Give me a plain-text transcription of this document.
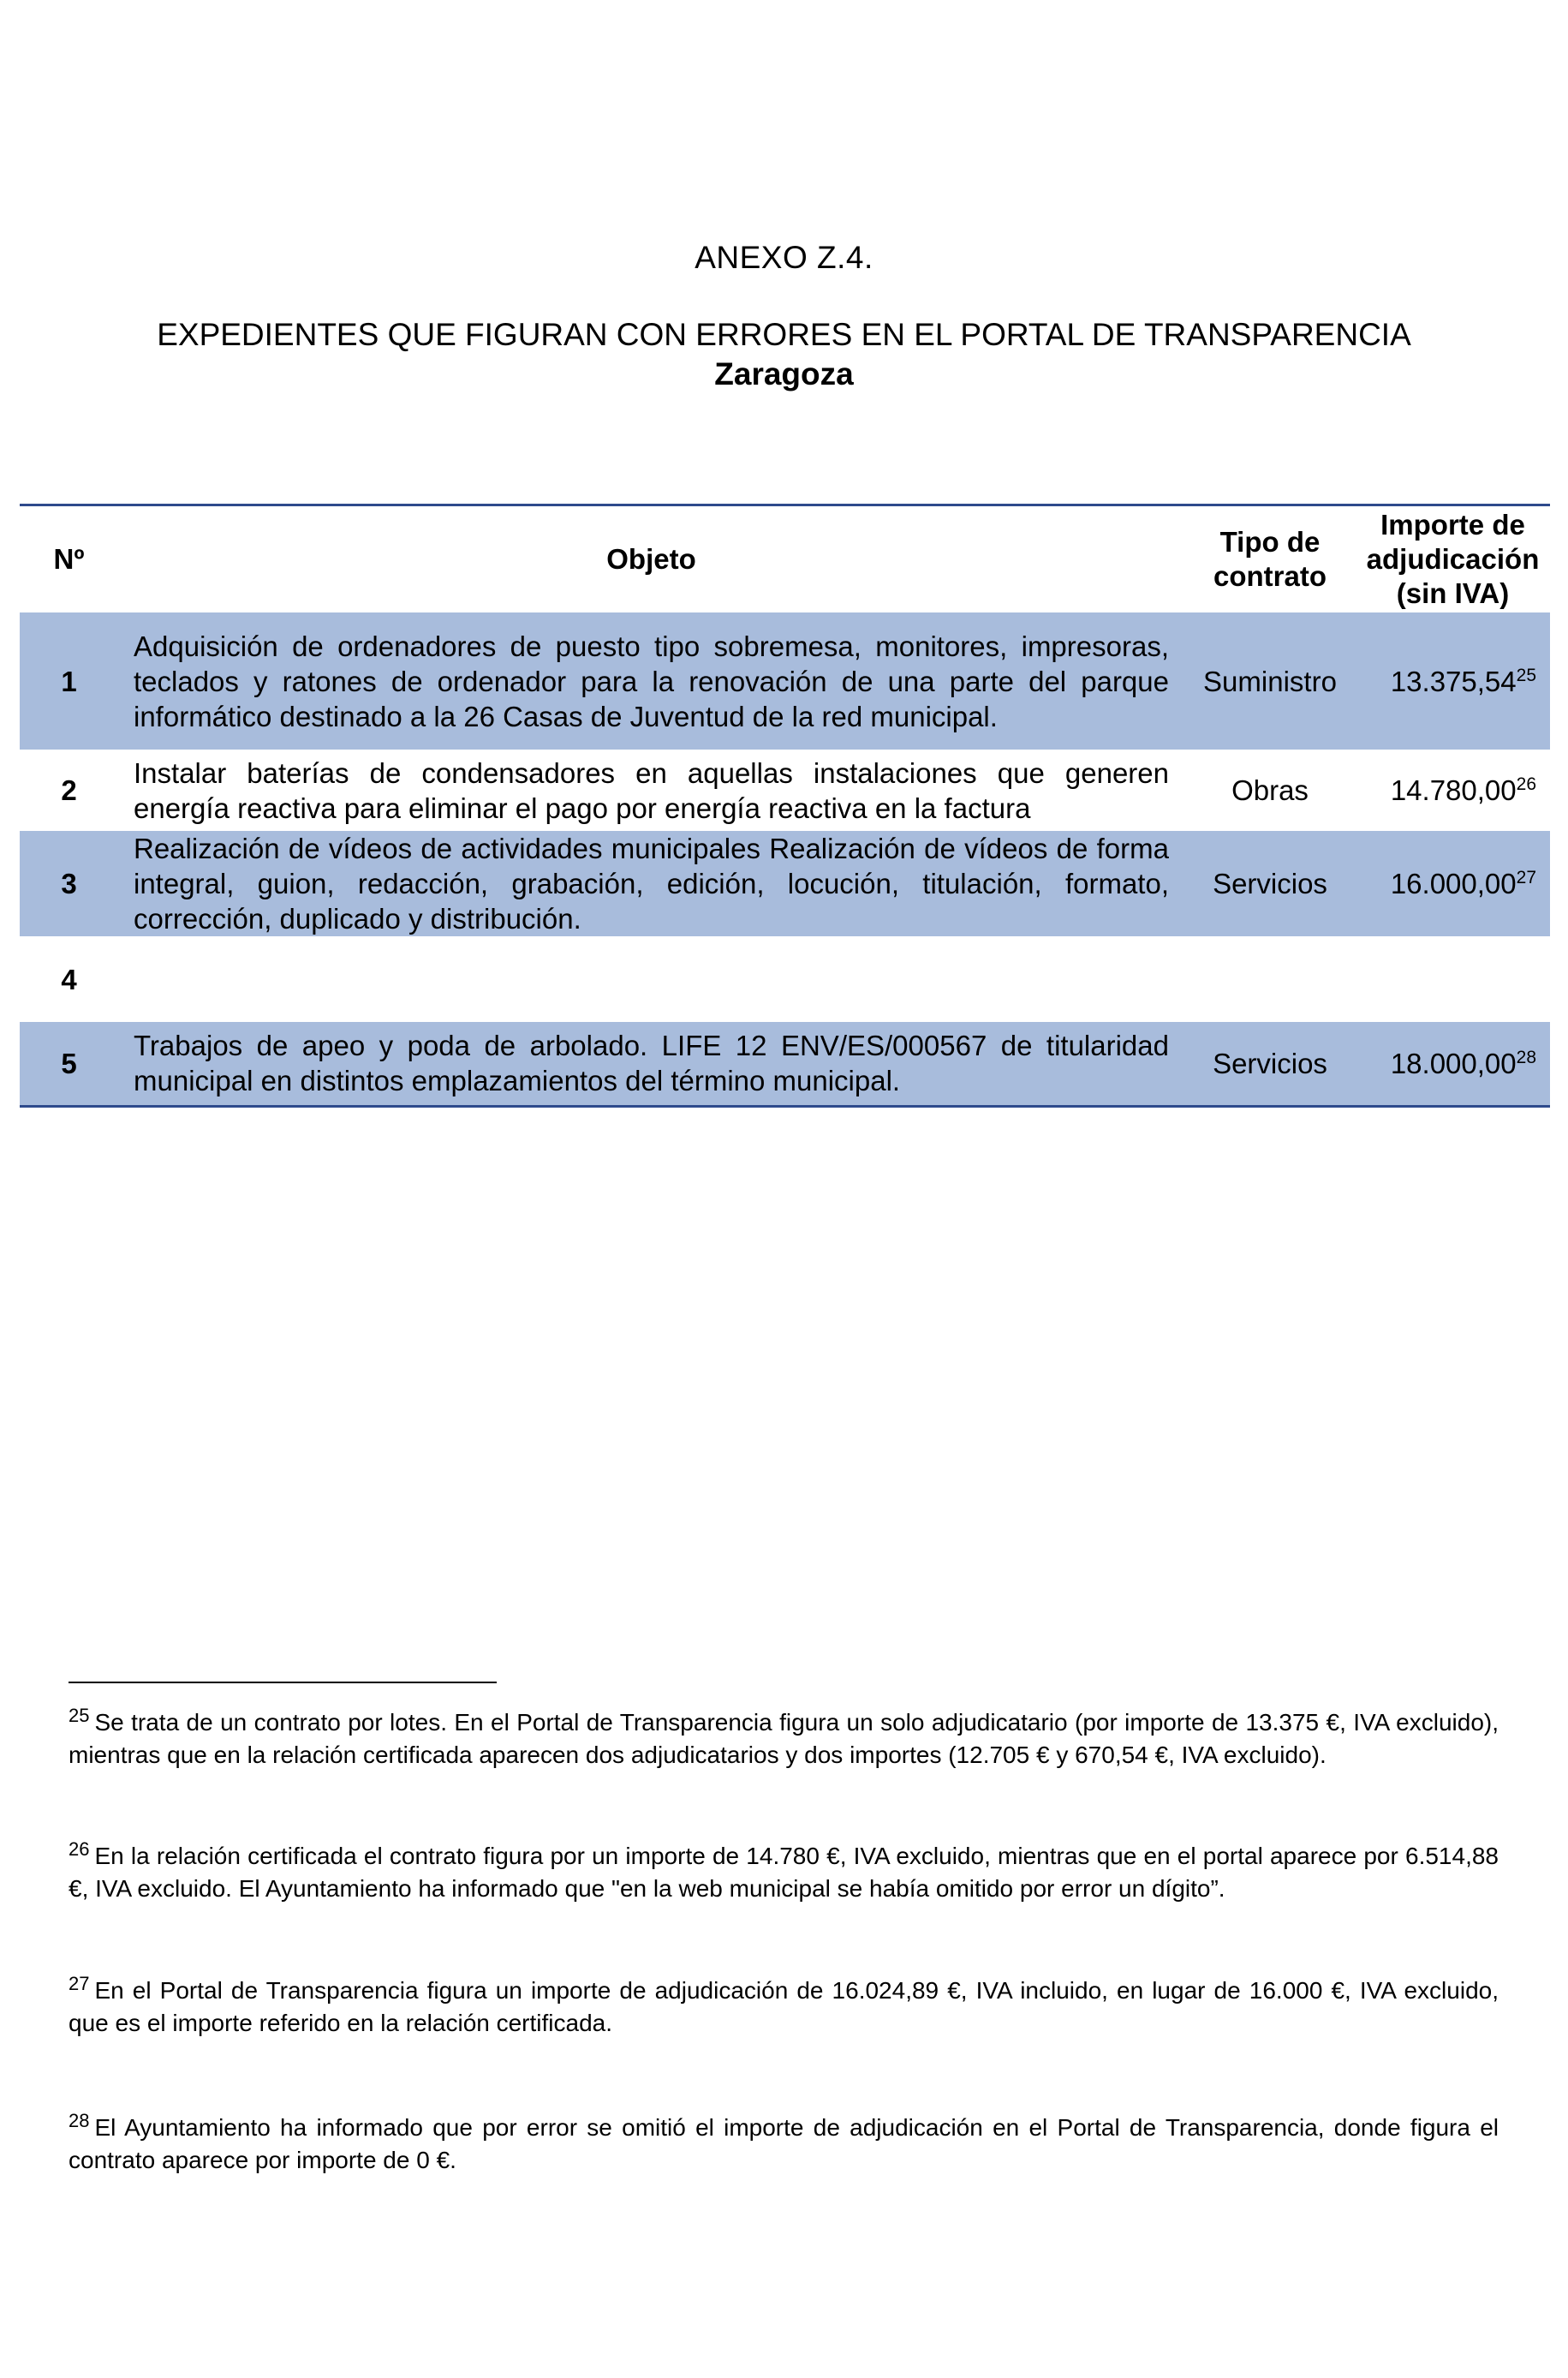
ANEXO Z.4.
EXPEDIENTES QUE FIGURAN CON ERRORES EN EL PORTAL DE TRANSPARENCIA
Zaragoza
Nº	Objeto	Tipo de contrato	Importe de adjudicación (sin IVA)
1	Adquisición de ordenadores de puesto tipo sobremesa, monitores, impresoras, teclados y ratones de ordenador para la renovación de una parte del parque informático destinado a la 26 Casas de Juventud de la red municipal.	Suministro	13.375,54$^{25}$
2	Instalar baterías de condensadores en aquellas instalaciones que generen energía reactiva para eliminar el pago por energía reactiva en la factura	Obras	14.780,00$^{26}$
3	Realización de vídeos de actividades municipales Realización de vídeos de forma integral, guion, redacción, grabación, edición, locución, titulación, formato, corrección, duplicado y distribución.	Servicios	16.000,00$^{27}$
4			
5	Trabajos de apeo y poda de arbolado. LIFE 12 ENV/ES/000567 de titularidad municipal en distintos emplazamientos del término municipal.	Servicios	18.000,00$^{28}$
$^{25}$ Se trata de un contrato por lotes. En el Portal de Transparencia figura un solo adjudicatario (por importe de 13.375 €, IVA excluido), mientras que en la relación certificada aparecen dos adjudicatarios y dos importes (12.705 € y 670,54 €, IVA excluido).
$^{26}$ En la relación certificada el contrato figura por un importe de 14.780 €, IVA excluido, mientras que en el portal aparece por 6.514,88 €, IVA excluido. El Ayuntamiento ha informado que "en la web municipal se había omitido por error un dígito”.
$^{27}$ En el Portal de Transparencia figura un importe de adjudicación de 16.024,89 €, IVA incluido, en lugar de 16.000 €, IVA excluido, que es el importe referido en la relación certificada.
$^{28}$ El Ayuntamiento ha informado que por error se omitió el importe de adjudicación en el Portal de Transparencia, donde figura el contrato aparece por importe de 0 €.
